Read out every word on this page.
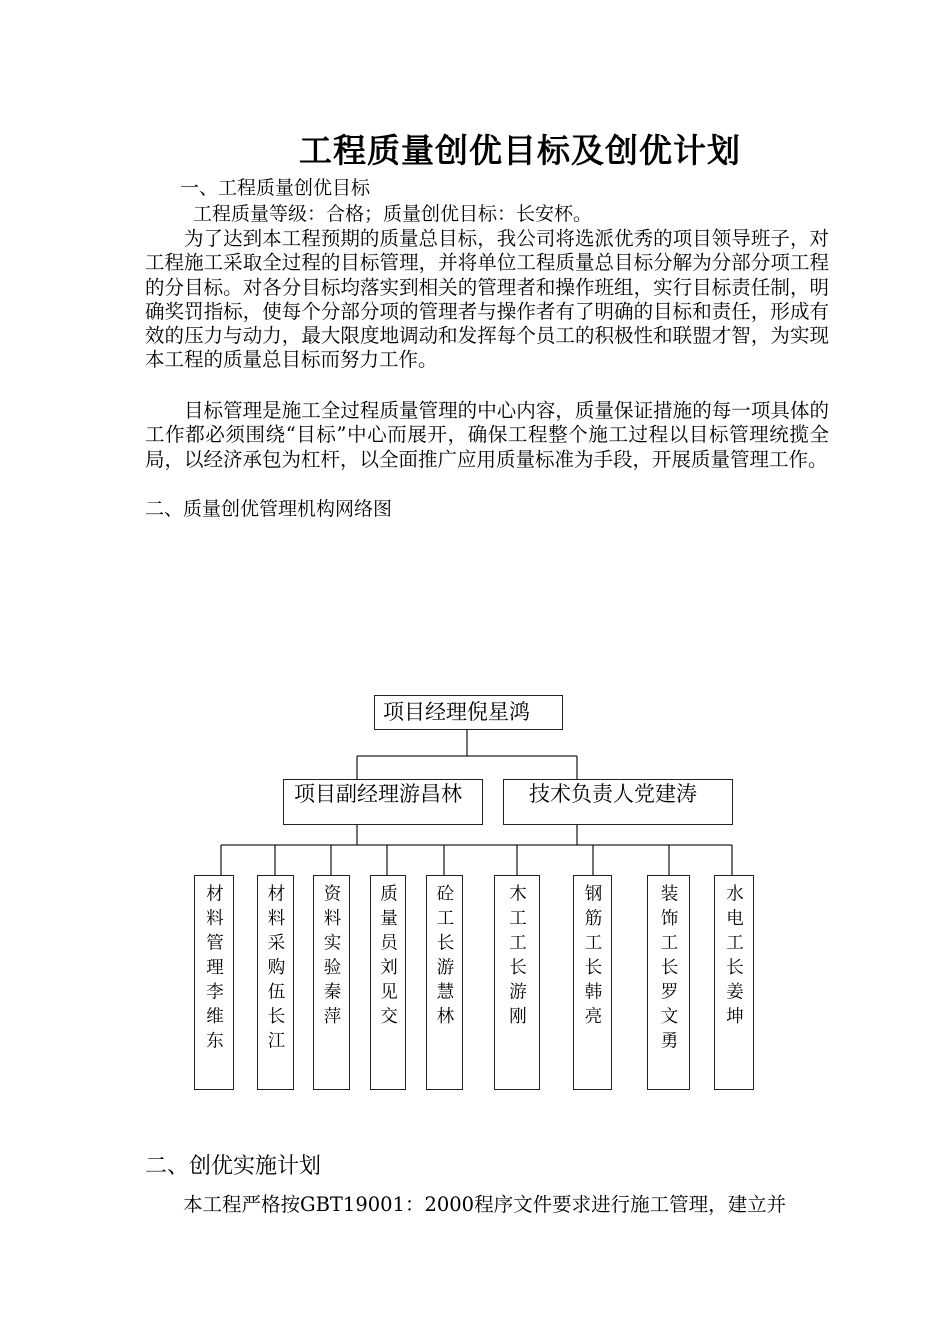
工程质量创优目标及创优计划
一、工程质量创优目标
工程质量等级：合格；质量创优目标：长安杯。

为了达到本工程预期的质量总目标，我公司将选派优秀的项目领导班子，对工程施工采取全过程的目标管理，并将单位工程质量总目标分解为分部分项工程的分目标。对各分目标均落实到相关的管理者和操作班组，实行目标责任制，明确奖罚指标，使每个分部分项的管理者与操作者有了明确的目标和责任，形成有效的压力与动力，最大限度地调动和发挥每个员工的积极性和联盟才智，为实现本工程的质量总目标而努力工作。

目标管理是施工全过程质量管理的中心内容，质量保证措施的每一项具体的工作都必须围绕“目标”中心而展开，确保工程整个施工过程以目标管理统揽全局，以经济承包为杠杆，以全面推广应用质量标准为手段，开展质量管理工作。

二、质量创优管理机构网络图
项目经理倪星鸿
项目副经理游昌林	技术负责人党建涛
材料管理李维东	材料采购伍长江	资料实验秦萍	质量员刘见交	砼工长游慧林	木工工长游刚	钢筋工长韩亮	装饰工长罗文勇	水电工长姜坤
二、创优实施计划
本工程严格按GBT19001：2000程序文件要求进行施工管理，建立并
